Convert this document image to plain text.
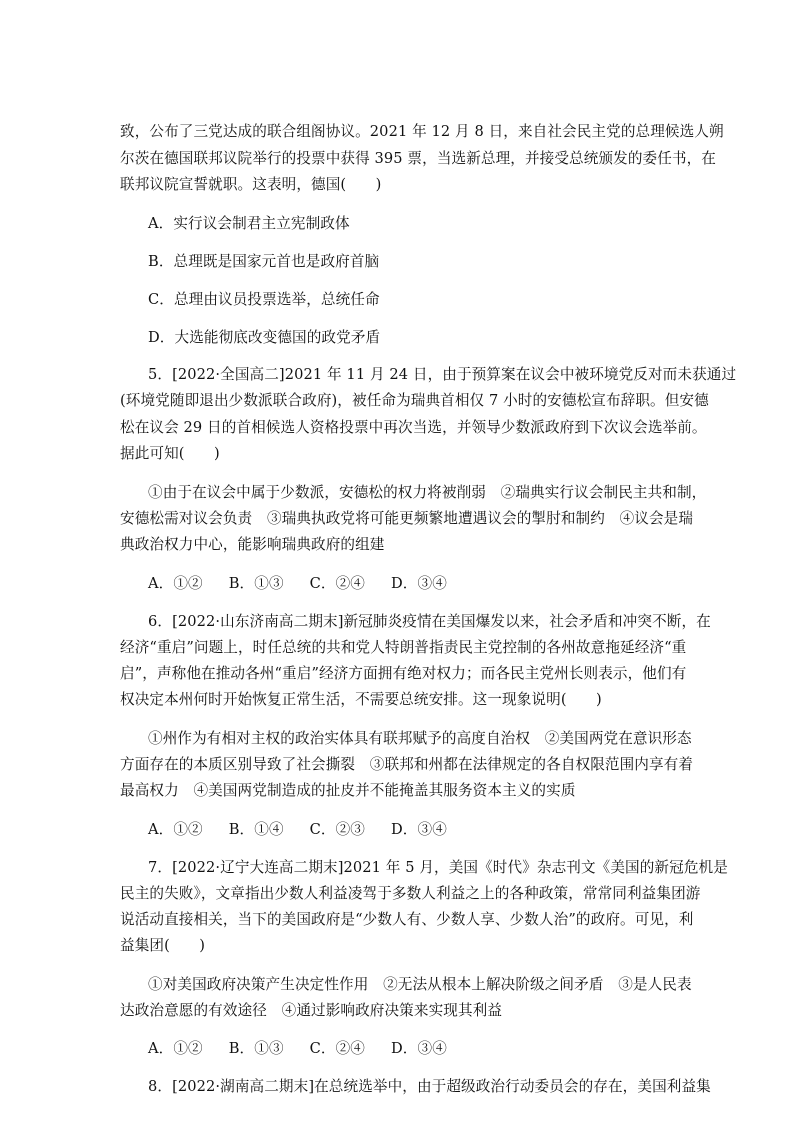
致，公布了三党达成的联合组阁协议。2021 年 12 月 8 日，来自社会民主党的总理候选人朔
尔茨在德国联邦议院举行的投票中获得 395 票，当选新总理，并接受总统颁发的委任书，在
联邦议院宣誓就职。这表明，德国(　　)
A．实行议会制君主立宪制政体
B．总理既是国家元首也是政府首脑
C．总理由议员投票选举，总统任命
D．大选能彻底改变德国的政党矛盾
5．[2022·全国高二]2021 年 11 月 24 日，由于预算案在议会中被环境党反对而未获通过
(环境党随即退出少数派联合政府)，被任命为瑞典首相仅 7 小时的安德松宣布辞职。但安德
松在议会 29 日的首相候选人资格投票中再次当选，并领导少数派政府到下次议会选举前。
据此可知(　　)
①由于在议会中属于少数派，安德松的权力将被削弱　②瑞典实行议会制民主共和制，
安德松需对议会负责　③瑞典执政党将可能更频繁地遭遇议会的掣肘和制约　④议会是瑞
典政治权力中心，能影响瑞典政府的组建
A．①② B．①③ C．②④ D．③④
6．[2022·山东济南高二期末]新冠肺炎疫情在美国爆发以来，社会矛盾和冲突不断，在
经济“重启”问题上，时任总统的共和党人特朗普指责民主党控制的各州故意拖延经济“重
启”，声称他在推动各州“重启”经济方面拥有绝对权力；而各民主党州长则表示，他们有
权决定本州何时开始恢复正常生活，不需要总统安排。这一现象说明(　　)
①州作为有相对主权的政治实体具有联邦赋予的高度自治权　②美国两党在意识形态
方面存在的本质区别导致了社会撕裂　③联邦和州都在法律规定的各自权限范围内享有着
最高权力　④美国两党制造成的扯皮并不能掩盖其服务资本主义的实质
A．①② B．①④ C．②③ D．③④
7．[2022·辽宁大连高二期末]2021 年 5 月，美国《时代》杂志刊文《美国的新冠危机是
民主的失败》，文章指出少数人利益凌驾于多数人利益之上的各种政策，常常同利益集团游
说活动直接相关，当下的美国政府是“少数人有、少数人享、少数人治”的政府。可见，利
益集团(　　)
①对美国政府决策产生决定性作用　②无法从根本上解决阶级之间矛盾　③是人民表
达政治意愿的有效途径　④通过影响政府决策来实现其利益
A．①② B．①③ C．②④ D．③④
8．[2022·湖南高二期末]在总统选举中，由于超级政治行动委员会的存在，美国利益集
